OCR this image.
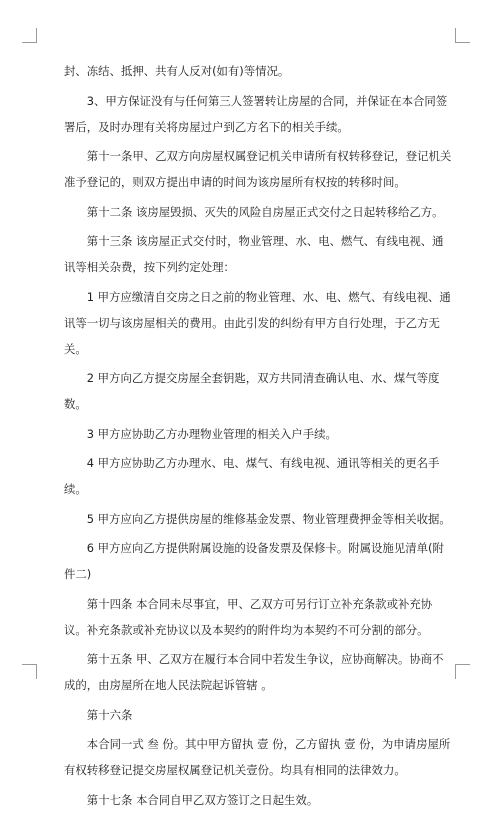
封、冻结、抵押、共有人反对(如有)等情况。

3、甲方保证没有与任何第三人签署转让房屋的合同，并保证在本合同签署后，及时办理有关将房屋过户到乙方名下的相关手续。

第十一条甲、乙双方向房屋权属登记机关申请所有权转移登记，登记机关准予登记的，则双方提出申请的时间为该房屋所有权按的转移时间。

第十二条 该房屋毁损、灭失的风险自房屋正式交付之日起转移给乙方。

第十三条 该房屋正式交付时，物业管理、水、电、燃气、有线电视、通讯等相关杂费，按下列约定处理：

1 甲方应缴清自交房之日之前的物业管理、水、电、燃气、有线电视、通讯等一切与该房屋相关的费用。由此引发的纠纷有甲方自行处理，于乙方无关。

2 甲方向乙方提交房屋全套钥匙，双方共同清查确认电、水、煤气等度数。

3 甲方应协助乙方办理物业管理的相关入户手续。

4 甲方应协助乙方办理水、电、煤气、有线电视、通讯等相关的更名手续。

5 甲方应向乙方提供房屋的维修基金发票、物业管理费押金等相关收据。

6 甲方应向乙方提供附属设施的设备发票及保修卡。附属设施见清单(附件二)

第十四条 本合同未尽事宜，甲、乙双方可另行订立补充条款或补充协议。补充条款或补充协议以及本契约的附件均为本契约不可分割的部分。

第十五条 甲、乙双方在履行本合同中若发生争议，应协商解决。协商不成的，由房屋所在地人民法院起诉管辖 。

第十六条

本合同一式 叁 份。其中甲方留执 壹 份，乙方留执 壹 份，为申请房屋所有权转移登记提交房屋权属登记机关壹份。均具有相同的法律效力。

第十七条 本合同自甲乙双方签订之日起生效。
